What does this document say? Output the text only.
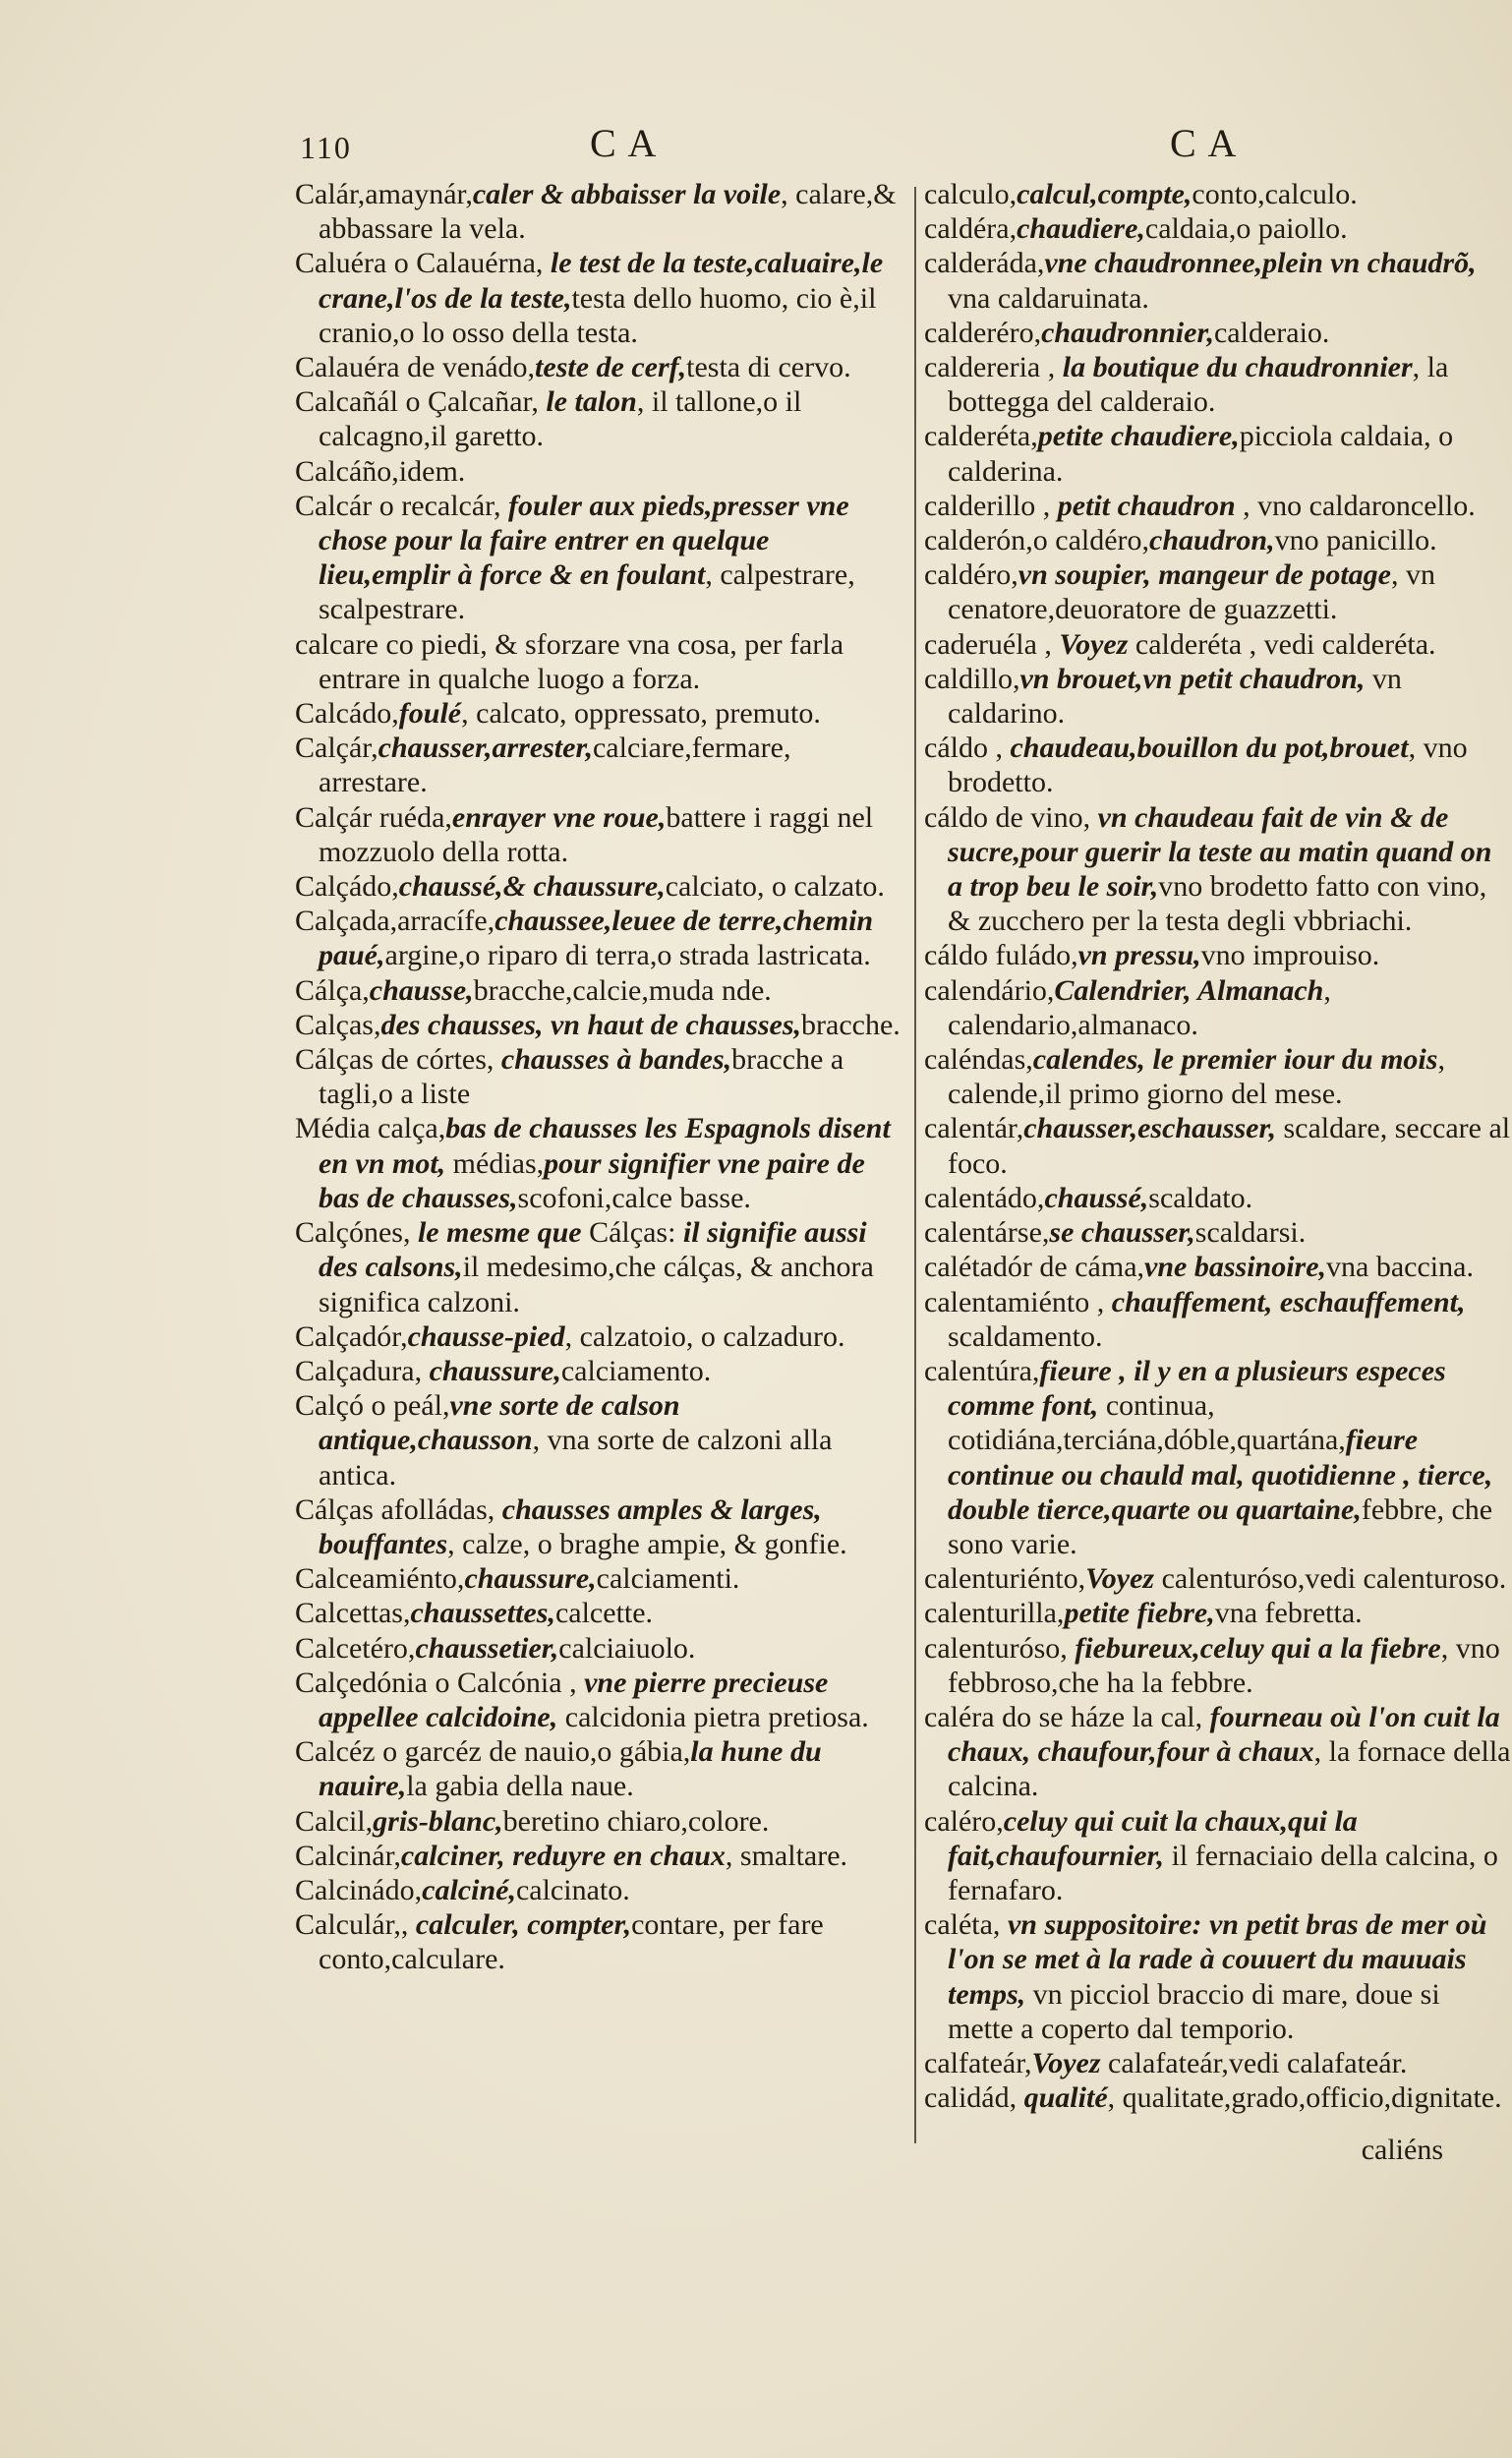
110	C A	C A

Calár,amaynár,caler & abbaisser la voile, calare,& abbassare la vela.

Caluéra o Calauérna, le test de la teste,caluaire,le crane,l'os de la teste,testa dello huomo, cio è,il cranio,o lo osso della testa.

Calauéra de venádo,teste de cerf,testa di cervo.

Calcañál o Çalcañar, le talon, il tallone,o il calcagno,il garetto.

Calcáño,idem.

Calcár o recalcár, fouler aux pieds,presser vne chose pour la faire entrer en quelque lieu,emplir à force & en foulant, calpestrare, scalpestrare.

calcare co piedi, & sforzare vna cosa, per farla entrare in qualche luogo a forza.

Calcádo,foulé, calcato, oppressato, premuto.

Calçár,chausser,arrester,calciare,fermare, arrestare.

Calçár ruéda,enrayer vne roue,battere i raggi nel mozzuolo della rotta.

Calçádo,chaussé,& chaussure,calciato, o calzato.

Calçada,arracífe,chaussee,leuee de terre,chemin paué,argine,o riparo di terra,o strada lastricata.

Cálça,chausse,bracche,calcie,muda nde.

Calças,des chausses, vn haut de chausses,bracche.

Cálças de córtes, chausses à bandes,bracche a tagli,o a liste

Média calça,bas de chausses les Espagnols disent en vn mot, médias,pour signifier vne paire de bas de chausses,scofoni,calce basse.

Calçónes, le mesme que Cálças: il signifie aussi des calsons,il medesimo,che cálças, & anchora significa calzoni.

Calçadór,chausse-pied, calzatoio, o calzaduro.

Calçadura, chaussure,calciamento.

Calçó o peál,vne sorte de calson antique,chausson, vna sorte de calzoni alla antica.

Cálças afolládas, chausses amples & larges, bouffantes, calze, o braghe ampie, & gonfie.

Calceamiénto,chaussure,calciamenti.

Calcettas,chaussettes,calcette.

Calcetéro,chaussetier,calciaiuolo.

Calçedónia o Calcónia , vne pierre precieuse appellee calcidoine, calcidonia pietra pretiosa.

Calcéz o garcéz de nauio,o gábia,la hune du nauire,la gabia della naue.

Calcil,gris-blanc,beretino chiaro,colore.

Calcinár,calciner, reduyre en chaux, smaltare.

Calcinádo,calciné,calcinato.

Calculár,, calculer, compter,contare, per fare conto,calculare.

calculo,calcul,compte,conto,calculo.

caldéra,chaudiere,caldaia,o paiollo.

calderáda,vne chaudronnee,plein vn chaudrõ, vna caldaruinata.

calderéro,chaudronnier,calderaio.

caldereria , la boutique du chaudronnier, la bottegga del calderaio.

calderéta,petite chaudiere,picciola caldaia, o calderina.

calderillo , petit chaudron , vno caldaroncello.

calderón,o caldéro,chaudron,vno panicillo.

caldéro,vn soupier, mangeur de potage, vn cenatore,deuoratore de guazzetti.

caderuéla , Voyez calderéta , vedi calderéta.

caldillo,vn brouet,vn petit chaudron, vn caldarino.

cáldo , chaudeau,bouillon du pot,brouet, vno brodetto.

cáldo de vino, vn chaudeau fait de vin & de sucre,pour guerir la teste au matin quand on a trop beu le soir,vno brodetto fatto con vino, & zucchero per la testa degli vbbriachi.

cáldo fuládo,vn pressu,vno improuiso.

calendário,Calendrier, Almanach, calendario,almanaco.

caléndas,calendes, le premier iour du mois, calende,il primo giorno del mese.

calentár,chausser,eschausser, scaldare, seccare al foco.

calentádo,chaussé,scaldato.

calentárse,se chausser,scaldarsi.

calétadór de cáma,vne bassinoire,vna baccina.

calentamiénto , chauffement, eschauffement, scaldamento.

calentúra,fieure , il y en a plusieurs especes comme font, continua, cotidiána,terciána,dóble,quartána,fieure continue ou chauld mal, quotidienne , tierce, double tierce,quarte ou quartaine,febbre, che sono varie.

calenturiénto,Voyez calenturóso,vedi calenturoso.

calenturilla,petite fiebre,vna febretta.

calenturóso, fiebureux,celuy qui a la fiebre, vno febbroso,che ha la febbre.

caléra do se háze la cal, fourneau où l'on cuit la chaux, chaufour,four à chaux, la fornace della calcina.

caléro,celuy qui cuit la chaux,qui la fait,chaufournier, il fernaciaio della calcina, o fernafaro.

caléta, vn suppositoire: vn petit bras de mer où l'on se met à la rade à couuert du mauuais temps, vn picciol braccio di mare, doue si mette a coperto dal temporio.

calfateár,Voyez calafateár,vedi calafateár.

calidád, qualité, qualitate,grado,officio,dignitate.

caliéns
